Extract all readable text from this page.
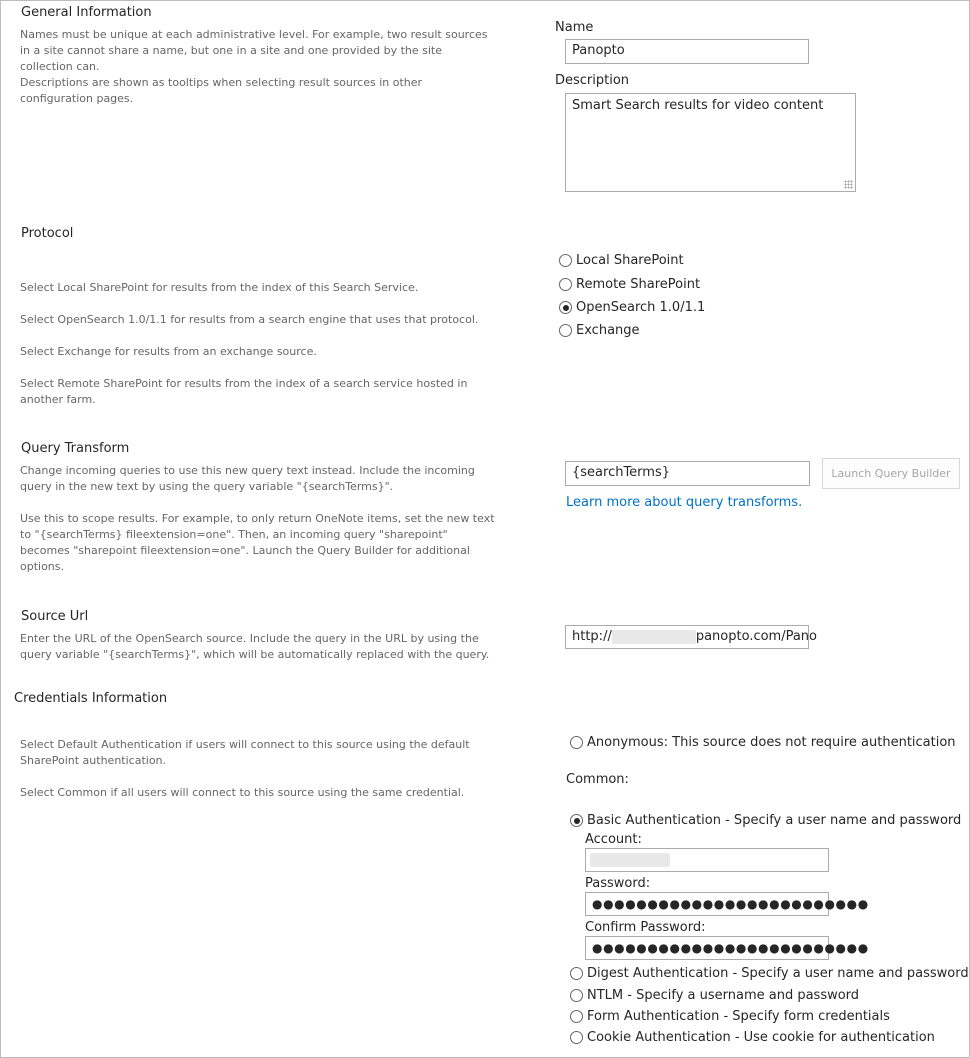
General Information
Names must be unique at each administrative level. For example, two result sources in a site cannot share a name, but one in a site and one provided by the site collection can.
Descriptions are shown as tooltips when selecting result sources in other configuration pages.
Name
Panopto
Description
Smart Search results for video content
Protocol
Select Local SharePoint for results from the index of this Search Service.
Select OpenSearch 1.0/1.1 for results from a search engine that uses that protocol.
Select Exchange for results from an exchange source.
Select Remote SharePoint for results from the index of a search service hosted in another farm.
Local SharePoint
Remote SharePoint
OpenSearch 1.0/1.1
Exchange
Query Transform
Change incoming queries to use this new query text instead. Include the incoming query in the new text by using the query variable "{searchTerms}".
Use this to scope results. For example, to only return OneNote items, set the new text to "{searchTerms} fileextension=one". Then, an incoming query "sharepoint" becomes "sharepoint fileextension=one". Launch the Query Builder for additional options.
{searchTerms}	Launch Query Builder
Learn more about query transforms.
Source Url
Enter the URL of the OpenSearch source. Include the query in the URL by using the query variable "{searchTerms}", which will be automatically replaced with the query.
http://	panopto.com/Pano
Credentials Information
Select Default Authentication if users will connect to this source using the default SharePoint authentication.
Select Common if all users will connect to this source using the same credential.
Anonymous: This source does not require authentication
Common:
Basic Authentication - Specify a user name and password
Account:
Password:
●●●●●●●●●●●●●●●●●●●●●●●●●
Confirm Password:
●●●●●●●●●●●●●●●●●●●●●●●●●
Digest Authentication - Specify a user name and password
NTLM - Specify a username and password
Form Authentication - Specify form credentials
Cookie Authentication - Use cookie for authentication
